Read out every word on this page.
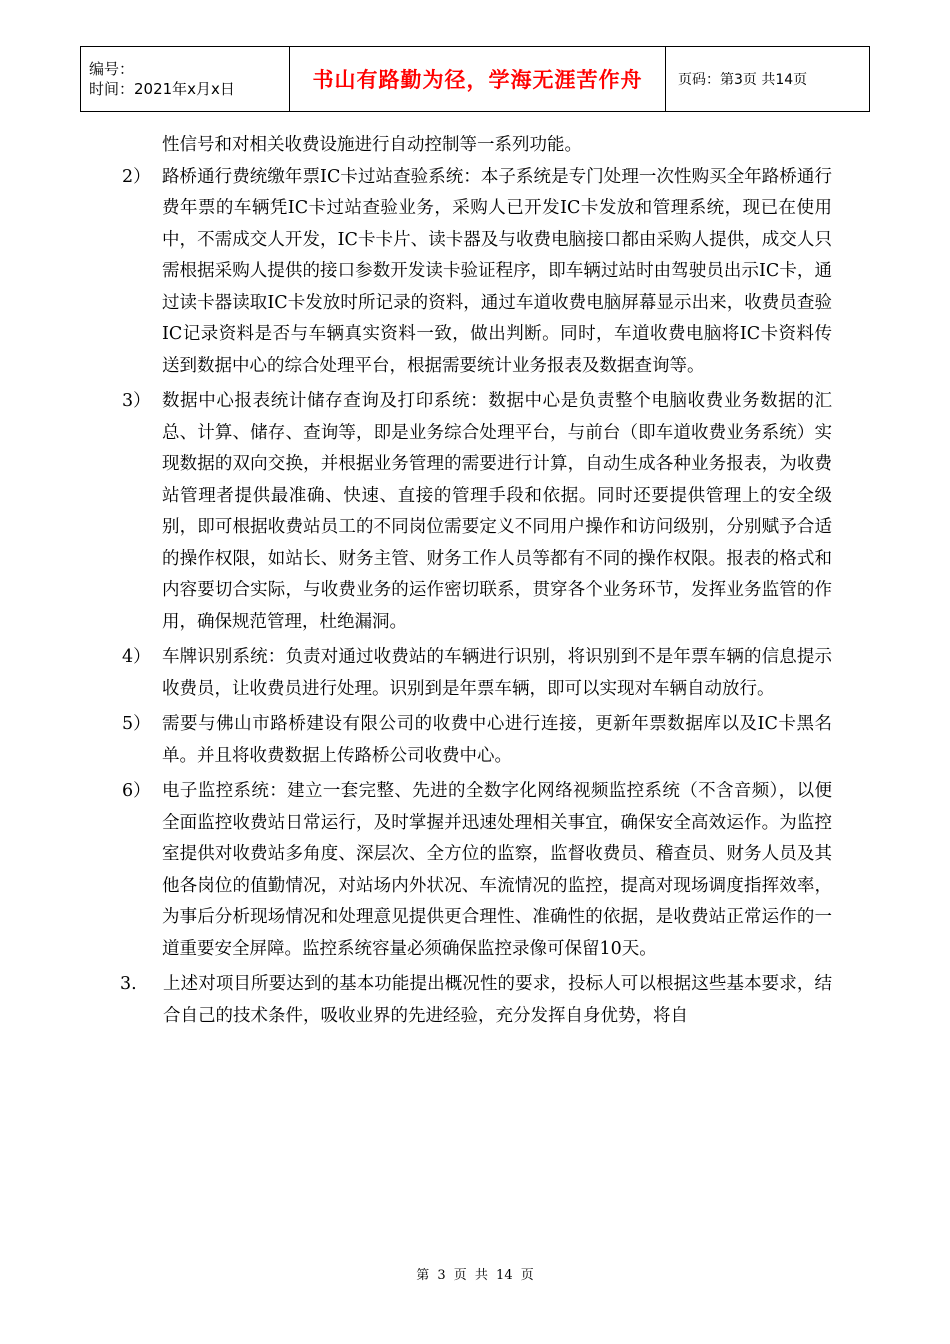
编号：
时间：2021年x月x日	书山有路勤为径，学海无涯苦作舟	页码：第3页 共14页
性信号和对相关收费设施进行自动控制等一系列功能。
2） 路桥通行费统缴年票IC卡过站查验系统：本子系统是专门处理一次性购买全年路桥通行费年票的车辆凭IC卡过站查验业务，采购人已开发IC卡发放和管理系统，现已在使用中，不需成交人开发，IC卡卡片、读卡器及与收费电脑接口都由采购人提供，成交人只需根据采购人提供的接口参数开发读卡验证程序，即车辆过站时由驾驶员出示IC卡，通过读卡器读取IC卡发放时所记录的资料，通过车道收费电脑屏幕显示出来，收费员查验IC记录资料是否与车辆真实资料一致，做出判断。同时，车道收费电脑将IC卡资料传送到数据中心的综合处理平台，根据需要统计业务报表及数据查询等。
3） 数据中心报表统计储存查询及打印系统：数据中心是负责整个电脑收费业务数据的汇总、计算、储存、查询等，即是业务综合处理平台，与前台（即车道收费业务系统）实现数据的双向交换，并根据业务管理的需要进行计算，自动生成各种业务报表，为收费站管理者提供最准确、快速、直接的管理手段和依据。同时还要提供管理上的安全级别，即可根据收费站员工的不同岗位需要定义不同用户操作和访问级别，分别赋予合适的操作权限，如站长、财务主管、财务工作人员等都有不同的操作权限。报表的格式和内容要切合实际，与收费业务的运作密切联系，贯穿各个业务环节，发挥业务监管的作用，确保规范管理，杜绝漏洞。
4） 车牌识别系统：负责对通过收费站的车辆进行识别，将识别到不是年票车辆的信息提示收费员，让收费员进行处理。识别到是年票车辆，即可以实现对车辆自动放行。
5） 需要与佛山市路桥建设有限公司的收费中心进行连接，更新年票数据库以及IC卡黑名单。并且将收费数据上传路桥公司收费中心。
6） 电子监控系统：建立一套完整、先进的全数字化网络视频监控系统（不含音频），以便全面监控收费站日常运行，及时掌握并迅速处理相关事宜，确保安全高效运作。为监控室提供对收费站多角度、深层次、全方位的监察，监督收费员、稽查员、财务人员及其他各岗位的值勤情况，对站场内外状况、车流情况的监控，提高对现场调度指挥效率，为事后分析现场情况和处理意见提供更合理性、准确性的依据，是收费站正常运作的一道重要安全屏障。监控系统容量必须确保监控录像可保留10天。
3. 上述对项目所要达到的基本功能提出概况性的要求，投标人可以根据这些基本要求，结合自己的技术条件，吸收业界的先进经验，充分发挥自身优势，将自
第 3 页 共 14 页
